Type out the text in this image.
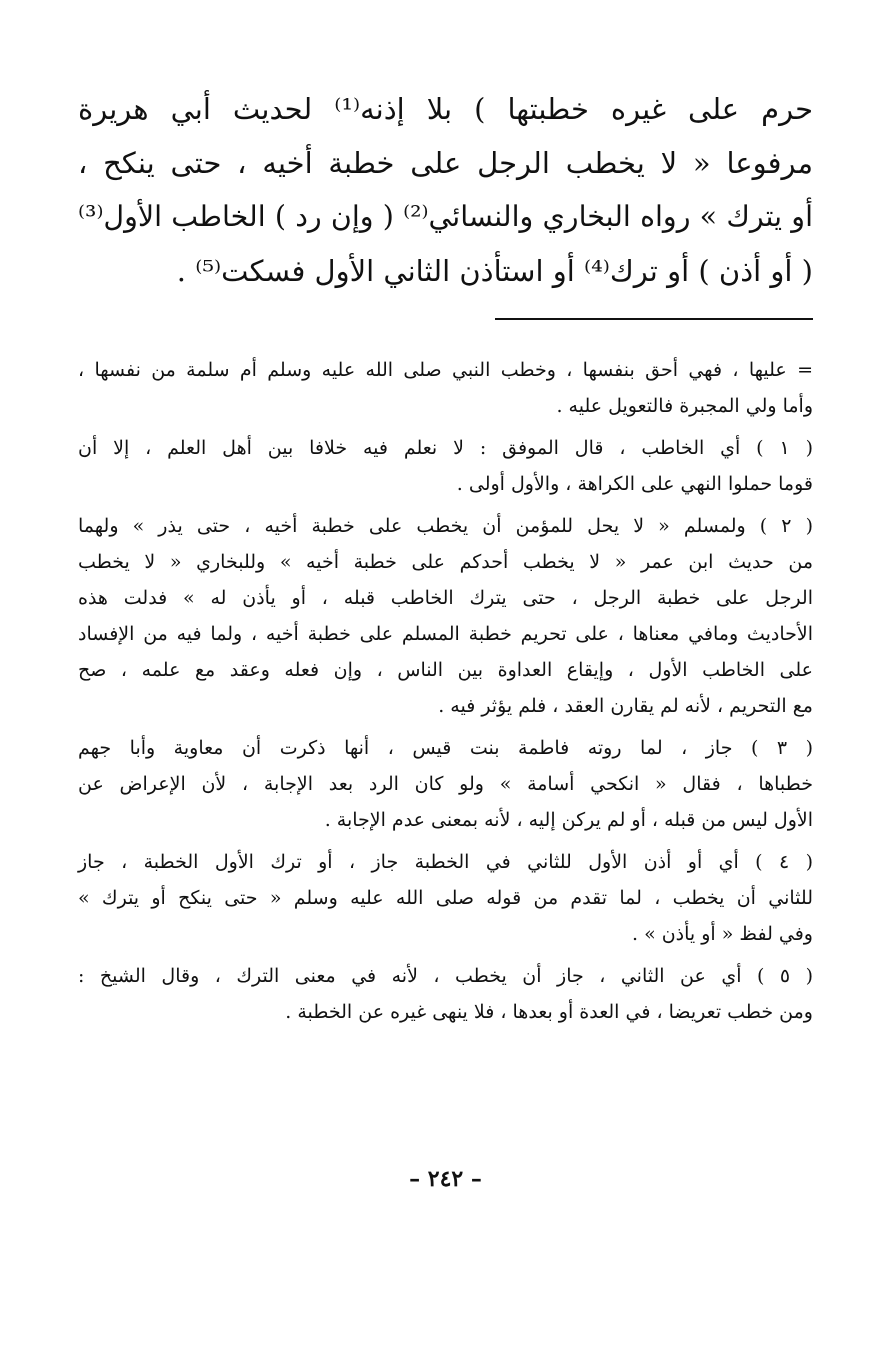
حرم على غيره خطبتها ) بلا إذنه⁽¹⁾ لحديث أبي هريرة
مرفوعا « لا يخطب الرجل على خطبة أخيه ، حتى ينكح ،
أو يترك » رواه البخاري والنسائي⁽²⁾ ( وإن رد ) الخاطب الأول⁽³⁾
( أو أذن ) أو ترك⁽⁴⁾ أو استأذن الثاني الأول فسكت⁽⁵⁾ .
= عليها ، فهي أحق بنفسها ، وخطب النبي صلى الله عليه وسلم أم سلمة من نفسها ،
وأما ولي المجبرة فالتعويل عليه .
( ١ ) أي الخاطب ، قال الموفق : لا نعلم فيه خلافا بين أهل العلم ، إلا أن
قوما حملوا النهي على الكراهة ، والأول أولى .
( ٢ ) ولمسلم « لا يحل للمؤمن أن يخطب على خطبة أخيه ، حتى يذر » ولهما
من حديث ابن عمر « لا يخطب أحدكم على خطبة أخيه » وللبخاري « لا يخطب
الرجل على خطبة الرجل ، حتى يترك الخاطب قبله ، أو يأذن له » فدلت هذه
الأحاديث ومافي معناها ، على تحريم خطبة المسلم على خطبة أخيه ، ولما فيه من الإفساد
على الخاطب الأول ، وإيقاع العداوة بين الناس ، وإن فعله وعقد مع علمه ، صح
مع التحريم ، لأنه لم يقارن العقد ، فلم يؤثر فيه .
( ٣ ) جاز ، لما روته فاطمة بنت قيس ، أنها ذكرت أن معاوية وأبا جهم
خطباها ، فقال « انكحي أسامة » ولو كان الرد بعد الإجابة ، لأن الإعراض عن
الأول ليس من قبله ، أو لم يركن إليه ، لأنه بمعنى عدم الإجابة .
( ٤ ) أي أو أذن الأول للثاني في الخطبة جاز ، أو ترك الأول الخطبة ، جاز
للثاني أن يخطب ، لما تقدم من قوله صلى الله عليه وسلم « حتى ينكح أو يترك »
وفي لفظ « أو يأذن » .
( ٥ ) أي عن الثاني ، جاز أن يخطب ، لأنه في معنى الترك ، وقال الشيخ :
ومن خطب تعريضا ، في العدة أو بعدها ، فلا ينهى غيره عن الخطبة .
– ٢٤٢ –
